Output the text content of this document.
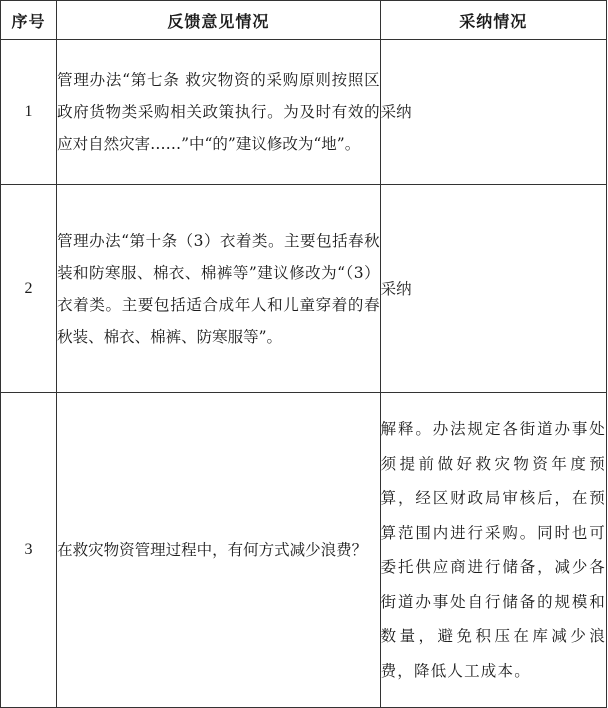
序号	反馈意见情况	采纳情况
1	管理办法“第七条 救灾物资的采购原则按照区政府货物类采购相关政策执行。为及时有效的应对自然灾害……”中“的”建议修改为“地”。	采纳
2	管理办法“第十条（3）衣着类。主要包括春秋装和防寒服、棉衣、棉裤等”建议修改为“（3）衣着类。主要包括适合成年人和儿童穿着的春秋装、棉衣、棉裤、防寒服等”。	采纳
3	在救灾物资管理过程中，有何方式减少浪费？	解释。办法规定各街道办事处须提前做好救灾物资年度预算，经区财政局审核后，在预算范围内进行采购。同时也可委托供应商进行储备，减少各街道办事处自行储备的规模和数量，避免积压在库减少浪费，降低人工成本。
